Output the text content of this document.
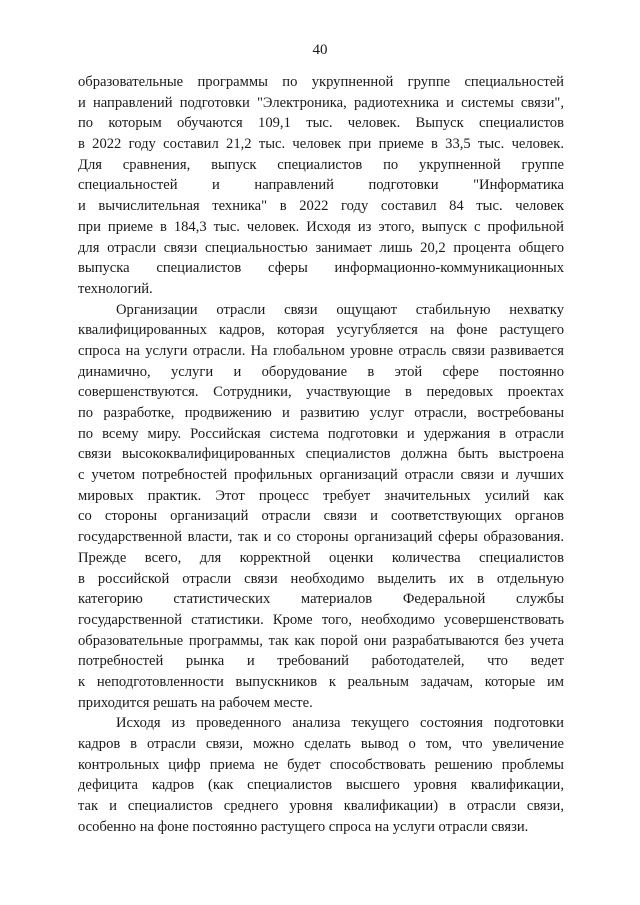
40
образовательные программы по укрупненной группе специальностей
и направлений подготовки "Электроника, радиотехника и системы связи",
по которым обучаются 109,1 тыс. человек. Выпуск специалистов
в 2022 году составил 21,2 тыс. человек при приеме в 33,5 тыс. человек.
Для сравнения, выпуск специалистов по укрупненной группе
специальностей и направлений подготовки "Информатика
и вычислительная техника" в 2022 году составил 84 тыс. человек
при приеме в 184,3 тыс. человек. Исходя из этого, выпуск с профильной
для отрасли связи специальностью занимает лишь 20,2 процента общего
выпуска специалистов сферы информационно-коммуникационных
технологий.
Организации отрасли связи ощущают стабильную нехватку
квалифицированных кадров, которая усугубляется на фоне растущего
спроса на услуги отрасли. На глобальном уровне отрасль связи развивается
динамично, услуги и оборудование в этой сфере постоянно
совершенствуются. Сотрудники, участвующие в передовых проектах
по разработке, продвижению и развитию услуг отрасли, востребованы
по всему миру. Российская система подготовки и удержания в отрасли
связи высококвалифицированных специалистов должна быть выстроена
с учетом потребностей профильных организаций отрасли связи и лучших
мировых практик. Этот процесс требует значительных усилий как
со стороны организаций отрасли связи и соответствующих органов
государственной власти, так и со стороны организаций сферы образования.
Прежде всего, для корректной оценки количества специалистов
в российской отрасли связи необходимо выделить их в отдельную
категорию статистических материалов Федеральной службы
государственной статистики. Кроме того, необходимо усовершенствовать
образовательные программы, так как порой они разрабатываются без учета
потребностей рынка и требований работодателей, что ведет
к неподготовленности выпускников к реальным задачам, которые им
приходится решать на рабочем месте.
Исходя из проведенного анализа текущего состояния подготовки
кадров в отрасли связи, можно сделать вывод о том, что увеличение
контрольных цифр приема не будет способствовать решению проблемы
дефицита кадров (как специалистов высшего уровня квалификации,
так и специалистов среднего уровня квалификации) в отрасли связи,
особенно на фоне постоянно растущего спроса на услуги отрасли связи.
